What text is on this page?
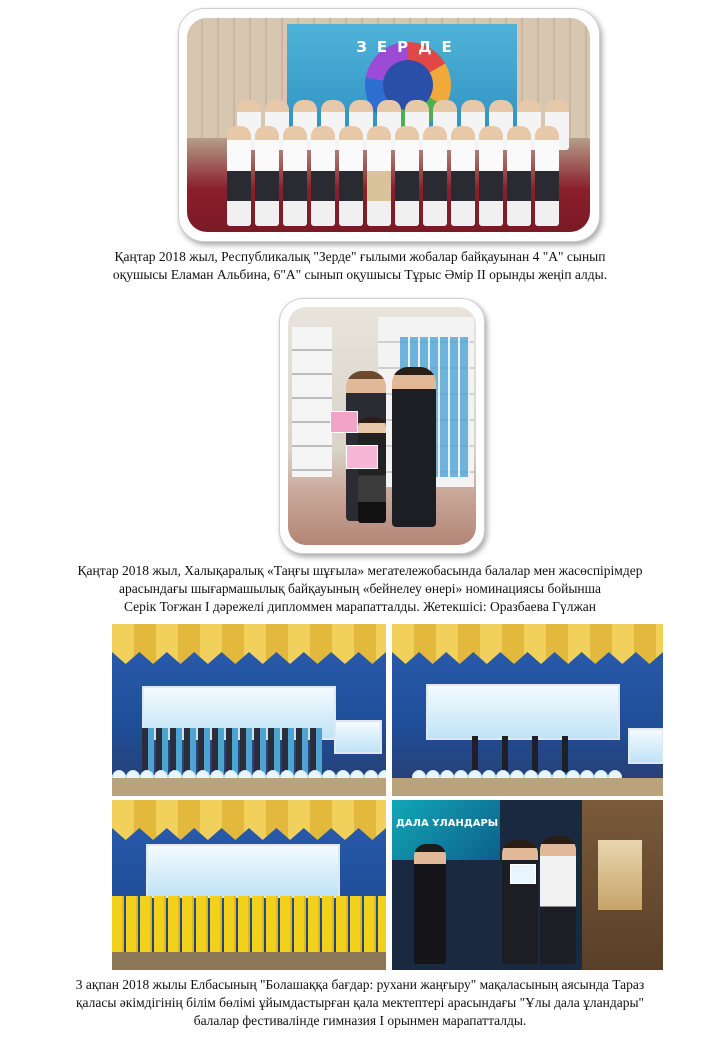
ЗЕРДЕ
Қаңтар 2018 жыл, Республикалық "Зерде" ғылыми жобалар байқауынан 4 "А" сынып
оқушысы Еламан Альбина, 6"А" сынып оқушысы Тұрыс Әмір ІІ орынды жеңіп алды.
Қаңтар 2018 жыл, Халықаралық «Таңғы шұғыла» мегатележобасында балалар мен жасөспірімдер
арасындағы шығармашылық байқауының «бейнелеу өнері» номинациясы бойынша
Серік Тоғжан І дәрежелі дипломмен марапатталды. Жетекшісі: Оразбаева Гүлжан
ДАЛА ҰЛАНДАРЫ
3 ақпан 2018 жылы Елбасының "Болашаққа бағдар: рухани жаңғыру" мақаласының аясында Тараз
қаласы әкімдігінің білім бөлімі ұйымдастырған қала мектептері арасындағы "Ұлы дала ұландары"
балалар фестивалінде гимназия І орынмен марапатталды.
